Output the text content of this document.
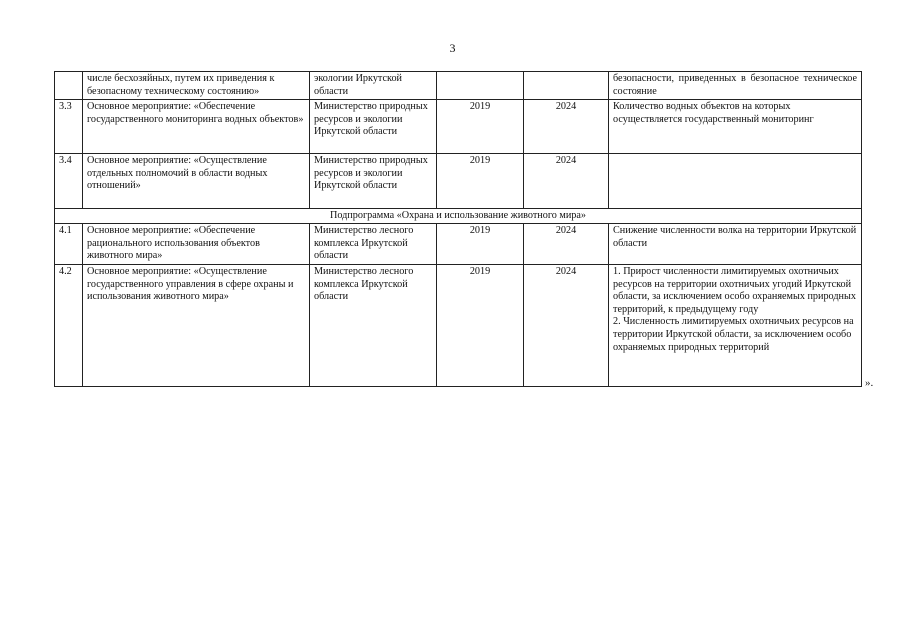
3
	числе бесхозяйных, путем их приведения к безопасному техническому состоянию»	экологии Иркутской области			безопасности, приведенных в безопасное техническое состояние
3.3	Основное мероприятие: «Обеспечение государственного мониторинга водных объектов»	Министерство природных ресурсов и экологии Иркутской области	2019	2024	Количество водных объектов на которых осуществляется государственный мониторинг
3.4	Основное мероприятие: «Осуществление отдельных полномочий в области водных отношений»	Министерство природных ресурсов и экологии Иркутской области	2019	2024	
Подпрограмма «Охрана и использование животного мира»					
4.1	Основное мероприятие: «Обеспечение рационального использования объектов животного мира»	Министерство лесного комплекса Иркутской области	2019	2024	Снижение численности волка на территории Иркутской области
4.2	Основное мероприятие: «Осуществление государственного управления в сфере охраны и использования животного мира»	Министерство лесного комплекса Иркутской области	2019	2024	1. Прирост численности лимитируемых охотничьих ресурсов на территории охотничьих угодий Иркутской области, за исключением особо охраняемых природных территорий, к предыдущему году
2. Численность лимитируемых охотничьих ресурсов на территории Иркутской области, за исключением особо охраняемых природных территорий
».
